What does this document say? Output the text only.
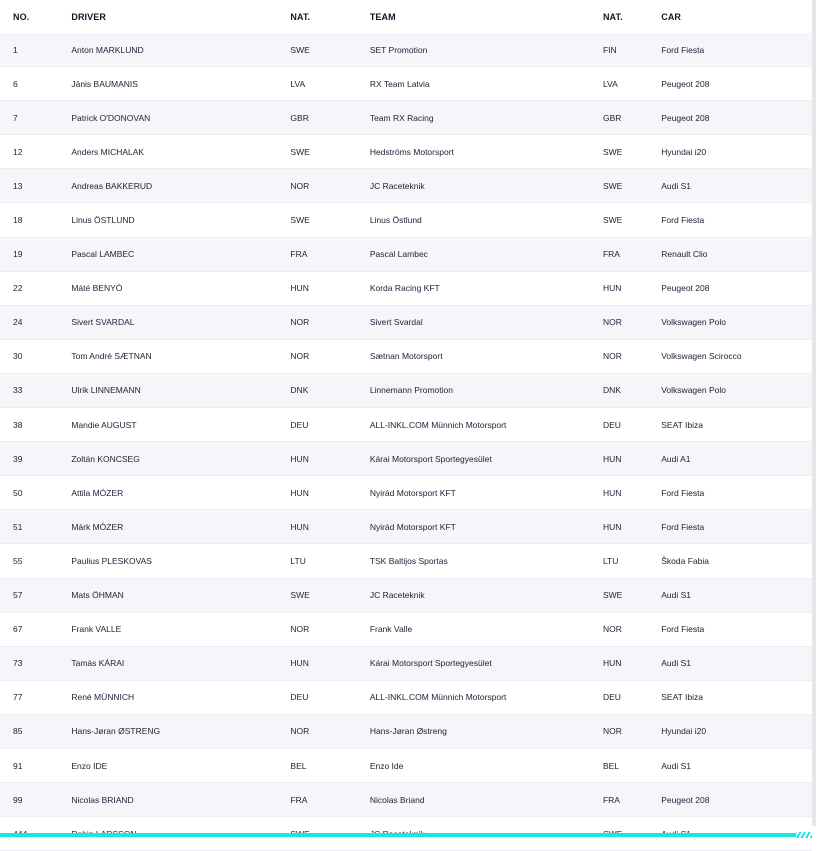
NO.	DRIVER	NAT.	TEAM	NAT.	CAR
1	Anton MARKLUND	SWE	SET Promotion	FIN	Ford Fiesta
6	Jānis BAUMANIS	LVA	RX Team Latvia	LVA	Peugeot 208
7	Patrick O'DONOVAN	GBR	Team RX Racing	GBR	Peugeot 208
12	Anders MICHALAK	SWE	Hedströms Motorsport	SWE	Hyundai i20
13	Andreas BAKKERUD	NOR	JC Raceteknik	SWE	Audi S1
18	Linus ÖSTLUND	SWE	Linus Östlund	SWE	Ford Fiesta
19	Pascal LAMBEC	FRA	Pascal Lambec	FRA	Renault Clio
22	Máté BENYÓ	HUN	Korda Racing KFT	HUN	Peugeot 208
24	Sivert SVARDAL	NOR	Sivert Svardal	NOR	Volkswagen Polo
30	Tom André SÆTNAN	NOR	Sætnan Motorsport	NOR	Volkswagen Scirocco
33	Ulrik LINNEMANN	DNK	Linnemann Promotion	DNK	Volkswagen Polo
38	Mandie AUGUST	DEU	ALL-INKL.COM Münnich Motorsport	DEU	SEAT Ibiza
39	Zoltán KONCSEG	HUN	Kárai Motorsport Sportegyesület	HUN	Audi A1
50	Attila MÓZER	HUN	Nyirád Motorsport KFT	HUN	Ford Fiesta
51	Márk MÓZER	HUN	Nyirád Motorsport KFT	HUN	Ford Fiesta
55	Paulius PLESKOVAS	LTU	TSK Baltijos Sportas	LTU	Škoda Fabia
57	Mats ÖHMAN	SWE	JC Raceteknik	SWE	Audi S1
67	Frank VALLE	NOR	Frank Valle	NOR	Ford Fiesta
73	Tamás KÁRAI	HUN	Kárai Motorsport Sportegyesület	HUN	Audi S1
77	René MÜNNICH	DEU	ALL-INKL.COM Münnich Motorsport	DEU	SEAT Ibiza
85	Hans-Jøran ØSTRENG	NOR	Hans-Jøran Østreng	NOR	Hyundai i20
91	Enzo IDE	BEL	Enzo Ide	BEL	Audi S1
99	Nicolas BRIAND	FRA	Nicolas Briand	FRA	Peugeot 208
